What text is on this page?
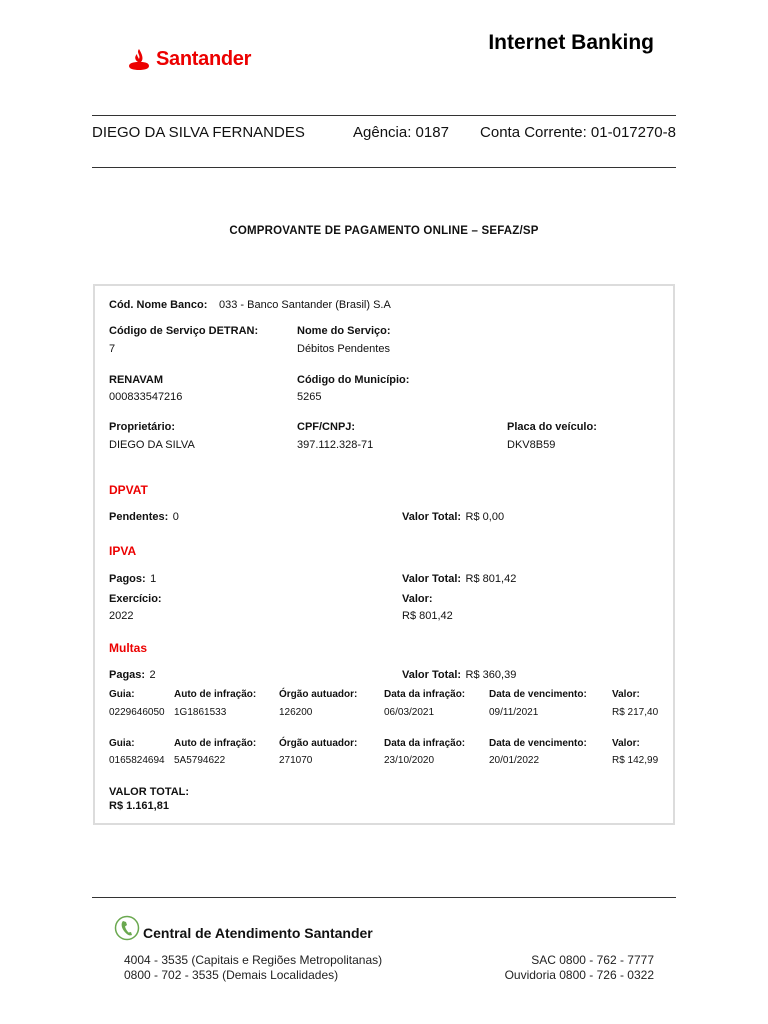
Santander
Internet Banking
DIEGO DA SILVA FERNANDES	Agência: 0187 Conta Corrente: 01-017270-8
COMPROVANTE DE PAGAMENTO ONLINE – SEFAZ/SP
Cód. Nome Banco: 033 - Banco Santander (Brasil) S.A
Código de Serviço DETRAN:
7
Nome do Serviço:
Débitos Pendentes
RENAVAM
000833547216
Código do Município:
5265
Proprietário:
DIEGO DA SILVA
CPF/CNPJ:
397.112.328-71
Placa do veículo:
DKV8B59
DPVAT
Pendentes: 0	Valor Total: R$ 0,00
IPVA
Pagos: 1	Valor Total: R$ 801,42
Exercício:
2022
Valor:
R$ 801,42
Multas
Pagas: 2	Valor Total: R$ 360,39
Guia:	Auto de infração: Órgão autuador:	Data da infração: Data de vencimento:	Valor:
0229646050 1G1861533	126200	06/03/2021	09/11/2021	R$ 217,40
Guia:	Auto de infração: Órgão autuador:	Data da infração: Data de vencimento:	Valor:
0165824694 5A5794622	271070	23/10/2020	20/01/2022	R$ 142,99
VALOR TOTAL:
R$ 1.161,81
Central de Atendimento Santander
4004 - 3535 (Capitais e Regiões Metropolitanas)
0800 - 702 - 3535 (Demais Localidades)
SAC 0800 - 762 - 7777
Ouvidoria 0800 - 726 - 0322
